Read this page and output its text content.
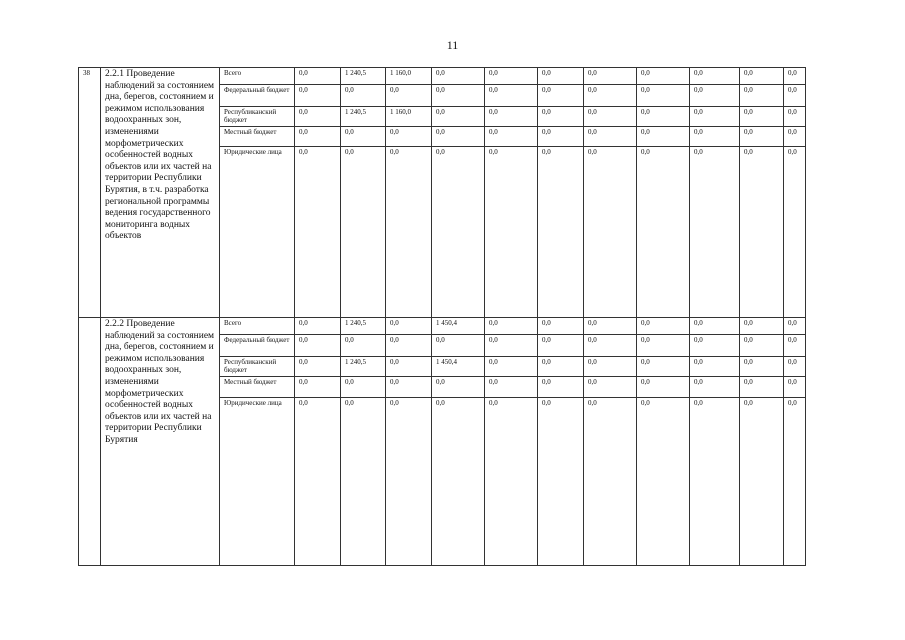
11
38	2.2.1 Проведение наблюдений за состоянием дна, берегов, состоянием и режимом использования водоохранных зон, изменениями морфометрических особенностей водных объектов или их частей на территории Республики Бурятия, в т.ч. разработка региональной программы ведения государственного мониторинга водных объектов	Всего	0,0	1 240,5	1 160,0	0,0	0,0	0,0	0,0	0,0	0,0	0,0	0,0
		Федеральный бюджет	0,0	0,0	0,0	0,0	0,0	0,0	0,0	0,0	0,0	0,0	0,0
		Республиканский бюджет	0,0	1 240,5	1 160,0	0,0	0,0	0,0	0,0	0,0	0,0	0,0	0,0
		Местный бюджет	0,0	0,0	0,0	0,0	0,0	0,0	0,0	0,0	0,0	0,0	0,0
		Юридические лица	0,0	0,0	0,0	0,0	0,0	0,0	0,0	0,0	0,0	0,0	0,0
	2.2.2 Проведение наблюдений за состоянием дна, берегов, состоянием и режимом использования водоохранных зон, изменениями морфометрических особенностей водных объектов или их частей на территории Республики Бурятия	Всего	0,0	1 240,5	0,0	1 450,4	0,0	0,0	0,0	0,0	0,0	0,0	0,0
		Федеральный бюджет	0,0	0,0	0,0	0,0	0,0	0,0	0,0	0,0	0,0	0,0	0,0
		Республиканский бюджет	0,0	1 240,5	0,0	1 450,4	0,0	0,0	0,0	0,0	0,0	0,0	0,0
		Местный бюджет	0,0	0,0	0,0	0,0	0,0	0,0	0,0	0,0	0,0	0,0	0,0
		Юридические лица	0,0	0,0	0,0	0,0	0,0	0,0	0,0	0,0	0,0	0,0	0,0
